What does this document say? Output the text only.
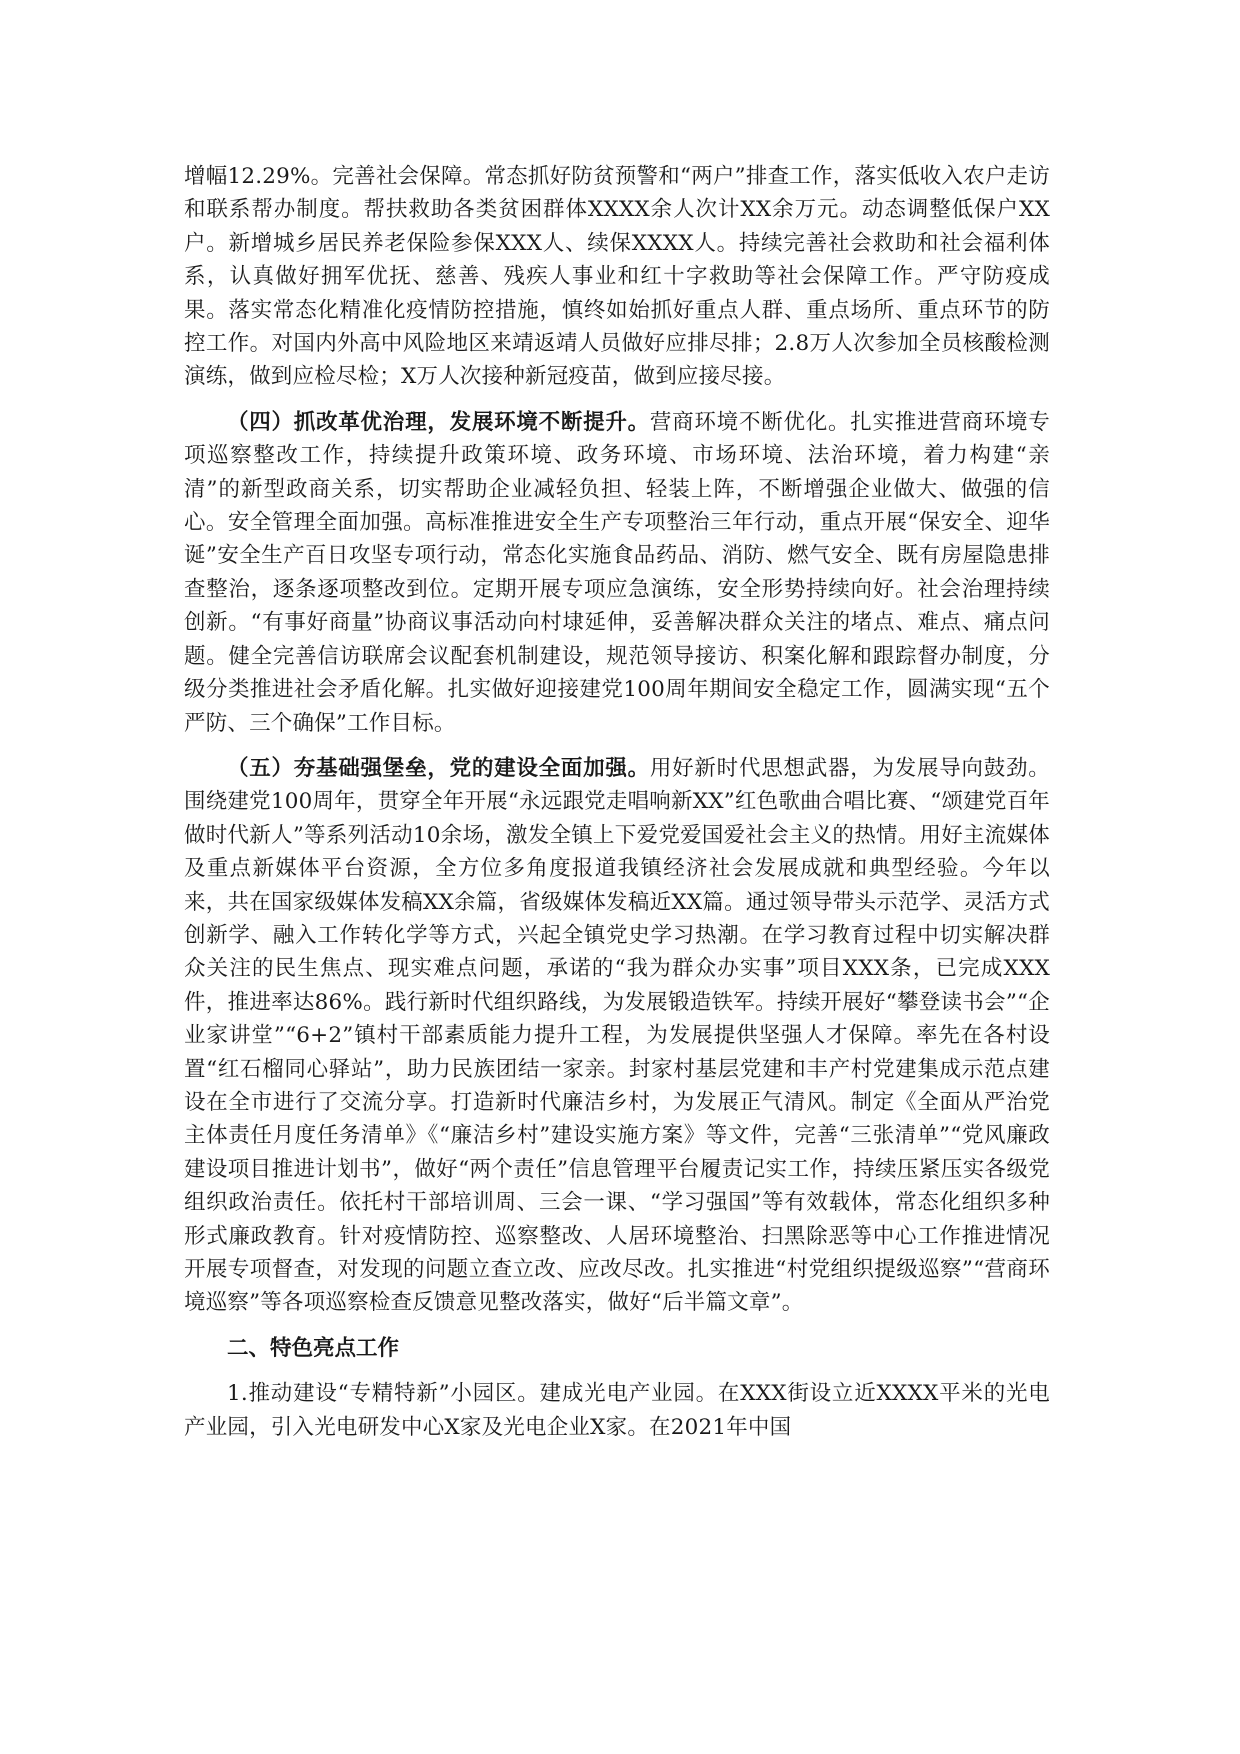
增幅12.29%。完善社会保障。常态抓好防贫预警和“两户”排查工作，落实低收入农户走访和联系帮办制度。帮扶救助各类贫困群体XXXX余人次计XX余万元。动态调整低保户XX户。新增城乡居民养老保险参保XXX人、续保XXXX人。持续完善社会救助和社会福利体系，认真做好拥军优抚、慈善、残疾人事业和红十字救助等社会保障工作。严守防疫成果。落实常态化精准化疫情防控措施，慎终如始抓好重点人群、重点场所、重点环节的防控工作。对国内外高中风险地区来靖返靖人员做好应排尽排；2.8万人次参加全员核酸检测演练，做到应检尽检；X万人次接种新冠疫苗，做到应接尽接。

（四）抓改革优治理，发展环境不断提升。营商环境不断优化。扎实推进营商环境专项巡察整改工作，持续提升政策环境、政务环境、市场环境、法治环境，着力构建“亲清”的新型政商关系，切实帮助企业减轻负担、轻装上阵，不断增强企业做大、做强的信心。安全管理全面加强。高标准推进安全生产专项整治三年行动，重点开展“保安全、迎华诞”安全生产百日攻坚专项行动，常态化实施食品药品、消防、燃气安全、既有房屋隐患排查整治，逐条逐项整改到位。定期开展专项应急演练，安全形势持续向好。社会治理持续创新。“有事好商量”协商议事活动向村埭延伸，妥善解决群众关注的堵点、难点、痛点问题。健全完善信访联席会议配套机制建设，规范领导接访、积案化解和跟踪督办制度，分级分类推进社会矛盾化解。扎实做好迎接建党100周年期间安全稳定工作，圆满实现“五个严防、三个确保”工作目标。

（五）夯基础强堡垒，党的建设全面加强。用好新时代思想武器，为发展导向鼓劲。围绕建党100周年，贯穿全年开展“永远跟党走唱响新XX”红色歌曲合唱比赛、“颂建党百年做时代新人”等系列活动10余场，激发全镇上下爱党爱国爱社会主义的热情。用好主流媒体及重点新媒体平台资源，全方位多角度报道我镇经济社会发展成就和典型经验。今年以来，共在国家级媒体发稿XX余篇，省级媒体发稿近XX篇。通过领导带头示范学、灵活方式创新学、融入工作转化学等方式，兴起全镇党史学习热潮。在学习教育过程中切实解决群众关注的民生焦点、现实难点问题，承诺的“我为群众办实事”项目XXX条，已完成XXX件，推进率达86%。践行新时代组织路线，为发展锻造铁军。持续开展好“攀登读书会”“企业家讲堂”“6+2”镇村干部素质能力提升工程，为发展提供坚强人才保障。率先在各村设置“红石榴同心驿站”，助力民族团结一家亲。封家村基层党建和丰产村党建集成示范点建设在全市进行了交流分享。打造新时代廉洁乡村，为发展正气清风。制定《全面从严治党主体责任月度任务清单》《“廉洁乡村”建设实施方案》等文件，完善“三张清单”“党风廉政建设项目推进计划书”，做好“两个责任”信息管理平台履责记实工作，持续压紧压实各级党组织政治责任。依托村干部培训周、三会一课、“学习强国”等有效载体，常态化组织多种形式廉政教育。针对疫情防控、巡察整改、人居环境整治、扫黑除恶等中心工作推进情况开展专项督查，对发现的问题立查立改、应改尽改。扎实推进“村党组织提级巡察”“营商环境巡察”等各项巡察检查反馈意见整改落实，做好“后半篇文章”。

二、特色亮点工作

1.推动建设“专精特新”小园区。建成光电产业园。在XXX街设立近XXXX平米的光电产业园，引入光电研发中心X家及光电企业X家。在2021年中国
